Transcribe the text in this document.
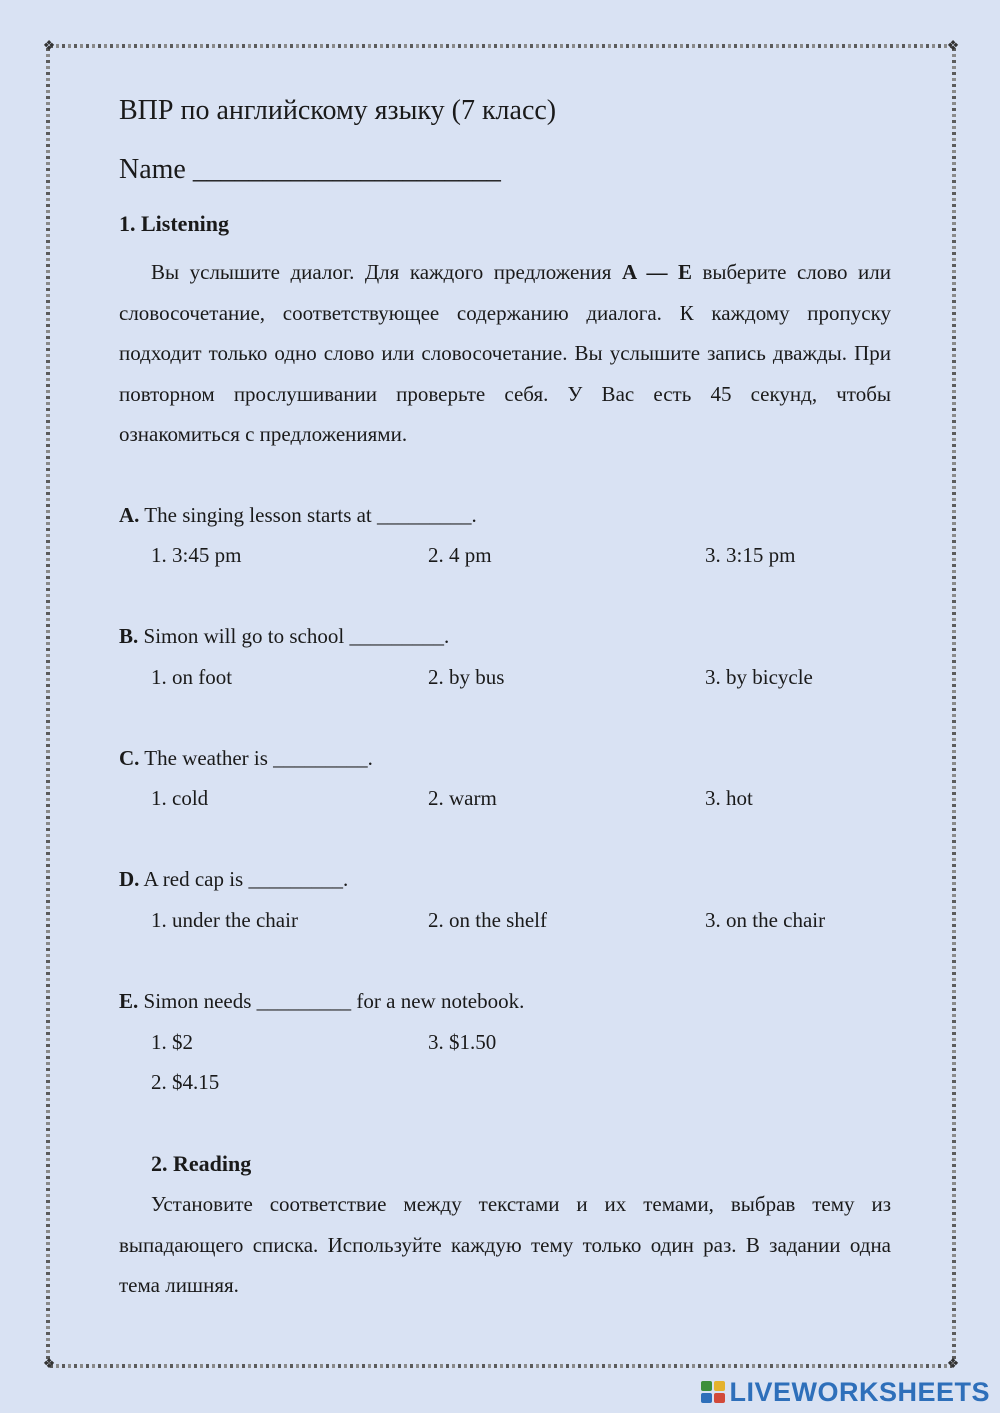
❖	❖
❖	❖
ВПР по английскому языку (7 класс)
Name ______________________
1. Listening
Вы услышите диалог. Для каждого предложения A — E выберите слово или словосочетание, соответствующее содержанию диалога. К каждому пропуску подходит только одно слово или словосочетание. Вы услышите запись дважды. При повторном прослушивании проверьте себя. У Вас есть 45 секунд, чтобы ознакомиться с предложениями.
A. The singing lesson starts at _________.
1. 3:45 pm	2. 4 pm	3. 3:15 pm
B. Simon will go to school _________.
1. on foot	2. by bus	3. by bicycle
C. The weather is _________.
1. cold	2. warm	3. hot
D. A red cap is _________.
1. under the chair	2. on the shelf	3. on the chair
E. Simon needs _________ for a new notebook.
1. $2	3. $1.50
2. $4.15
2. Reading
Установите соответствие между текстами и их темами, выбрав тему из выпадающего списка. Используйте каждую тему только один раз. В задании одна тема лишняя.
LIVEWORKSHEETS
